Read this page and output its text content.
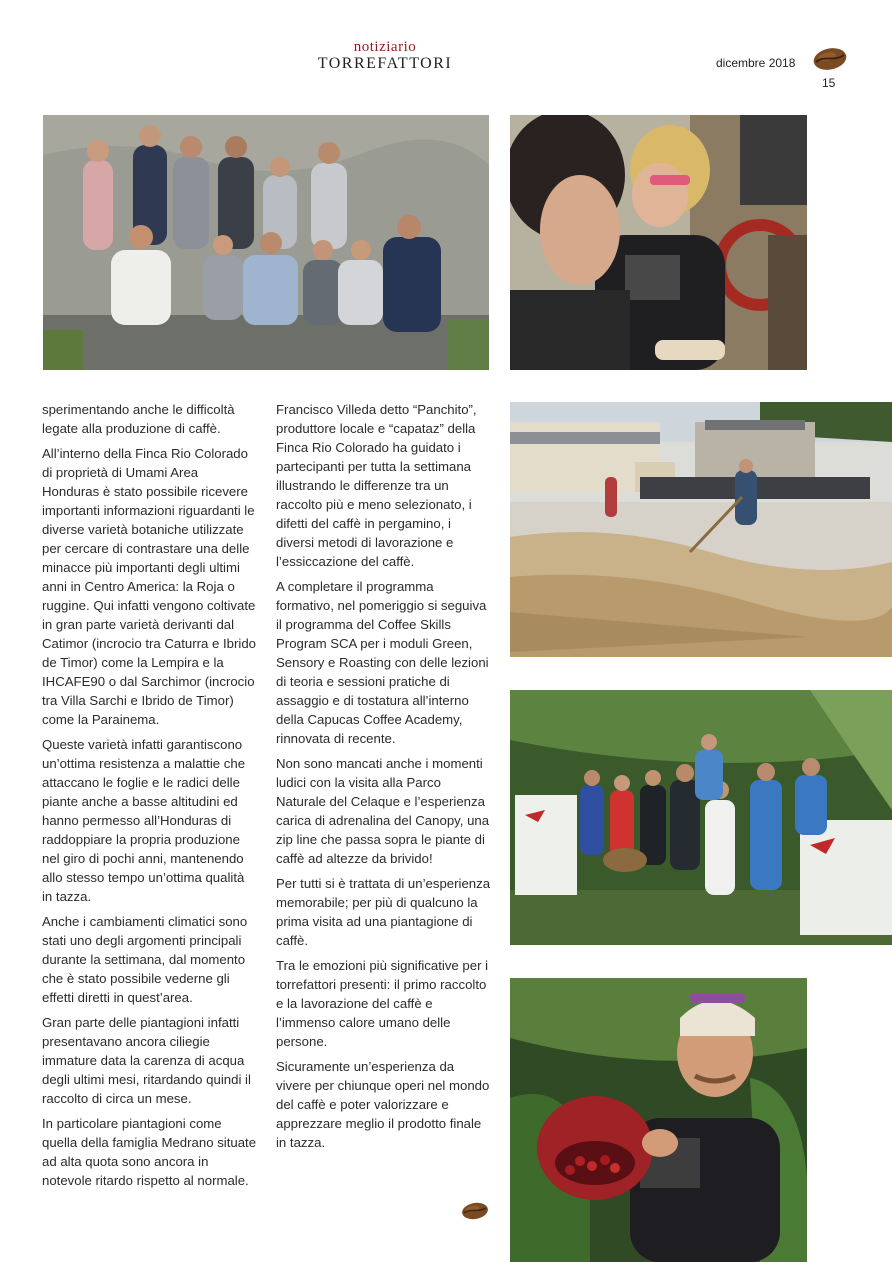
notiziario
TORREFATTORI	dicembre 2018
15

sperimentando anche le difficoltà legate alla produzione di caffè.

All’interno della Finca Rio Colorado di proprietà di Umami Area Honduras è stato possibile ricevere importanti informazioni riguardanti le diverse varietà botaniche utilizzate per cercare di contrastare una delle minacce più importanti degli ultimi anni in Centro America: la Roja o ruggine. Qui infatti vengono coltivate in gran parte varietà derivanti dal Catimor (incrocio tra Caturra e Ibrido de Timor) come la Lempira e la IHCAFE90 o dal Sarchimor (incrocio tra Villa Sarchi e Ibrido de Timor) come la Parainema.

Queste varietà infatti garantiscono un’ottima resistenza a malattie che attaccano le foglie e le radici delle piante anche a basse altitudini ed hanno permesso all’Honduras di raddoppiare la propria produzione nel giro di pochi anni, mantenendo allo stesso tempo un’ottima qualità in tazza.

Anche i cambiamenti climatici sono stati uno degli argomenti principali durante la settimana, dal momento che è stato possibile vederne gli effetti diretti in quest’area.

Gran parte delle piantagioni infatti presentavano ancora ciliegie immature data la carenza di acqua degli ultimi mesi, ritardando quindi il raccolto di circa un mese.

In particolare piantagioni come quella della famiglia Medrano situate ad alta quota sono ancora in notevole ritardo rispetto al normale.

Francisco Villeda detto “Panchito”, produttore locale e “capataz” della Finca Rio Colorado ha guidato i partecipanti per tutta la settimana illustrando le differenze tra un raccolto più e meno selezionato, i difetti del caffè in pergamino, i diversi metodi di lavorazione e l’essiccazione del caffè.

A completare il programma formativo, nel pomeriggio si seguiva il programma del Coffee Skills Program SCA per i moduli Green, Sensory e Roasting con delle lezioni di teoria e sessioni pratiche di assaggio e di tostatura all’interno della Capucas Coffee Academy, rinnovata di recente.

Non sono mancati anche i momenti ludici con la visita alla Parco Naturale del Celaque e l’esperienza carica di adrenalina del Canopy, una zip line che passa sopra le piante di caffè ad altezze da brivido!

Per tutti si è trattata di un’esperienza memorabile; per più di qualcuno la prima visita ad una piantagione di caffè.

Tra le emozioni più significative per i torrefattori presenti: il primo raccolto e la lavorazione del caffè e l’immenso calore umano delle persone.

Sicuramente un’esperienza da vivere per chiunque operi nel mondo del caffè e poter valorizzare e apprezzare meglio il prodotto finale in tazza.
